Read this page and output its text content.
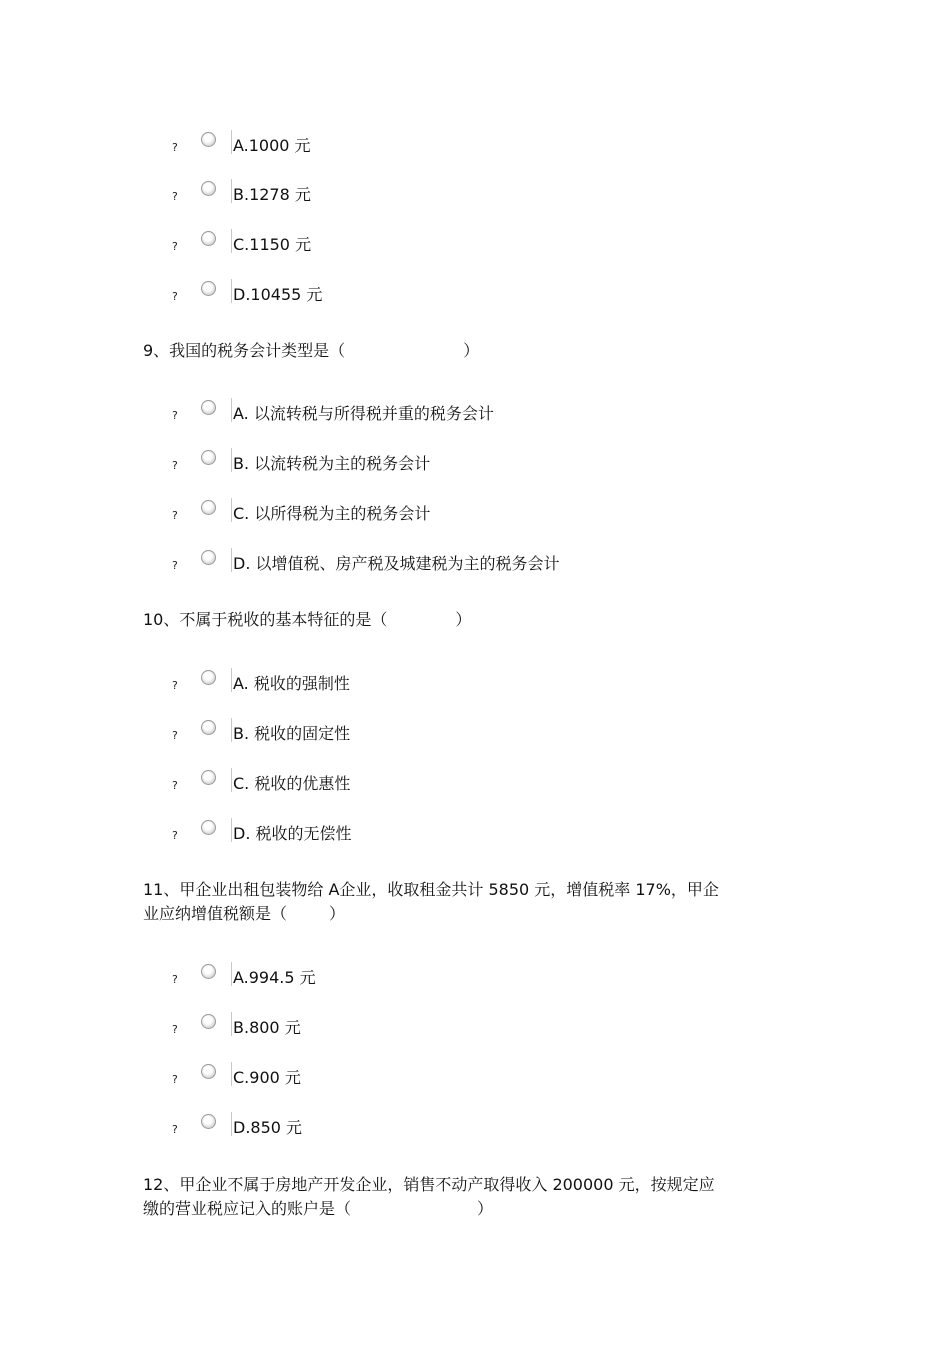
?	A.1000 元
?	B.1278 元
?	C.1150 元
?	D.10455 元
9、我国的税务会计类型是（	）
?	A. 以流转税与所得税并重的税务会计
?	B. 以流转税为主的税务会计
?	C. 以所得税为主的税务会计
?	D. 以增值税、房产税及城建税为主的税务会计
10、不属于税收的基本特征的是（	）
?	A. 税收的强制性
?	B. 税收的固定性
?	C. 税收的优惠性
?	D. 税收的无偿性
11、甲企业出租包装物给 A企业，收取租金共计 5850 元，增值税率 17%，甲企
业应纳增值税额是（	）
?	A.994.5 元
?	B.800 元
?	C.900 元
?	D.850 元
12、甲企业不属于房地产开发企业，销售不动产取得收入 200000 元，按规定应
缴的营业税应记入的账户是（	）
